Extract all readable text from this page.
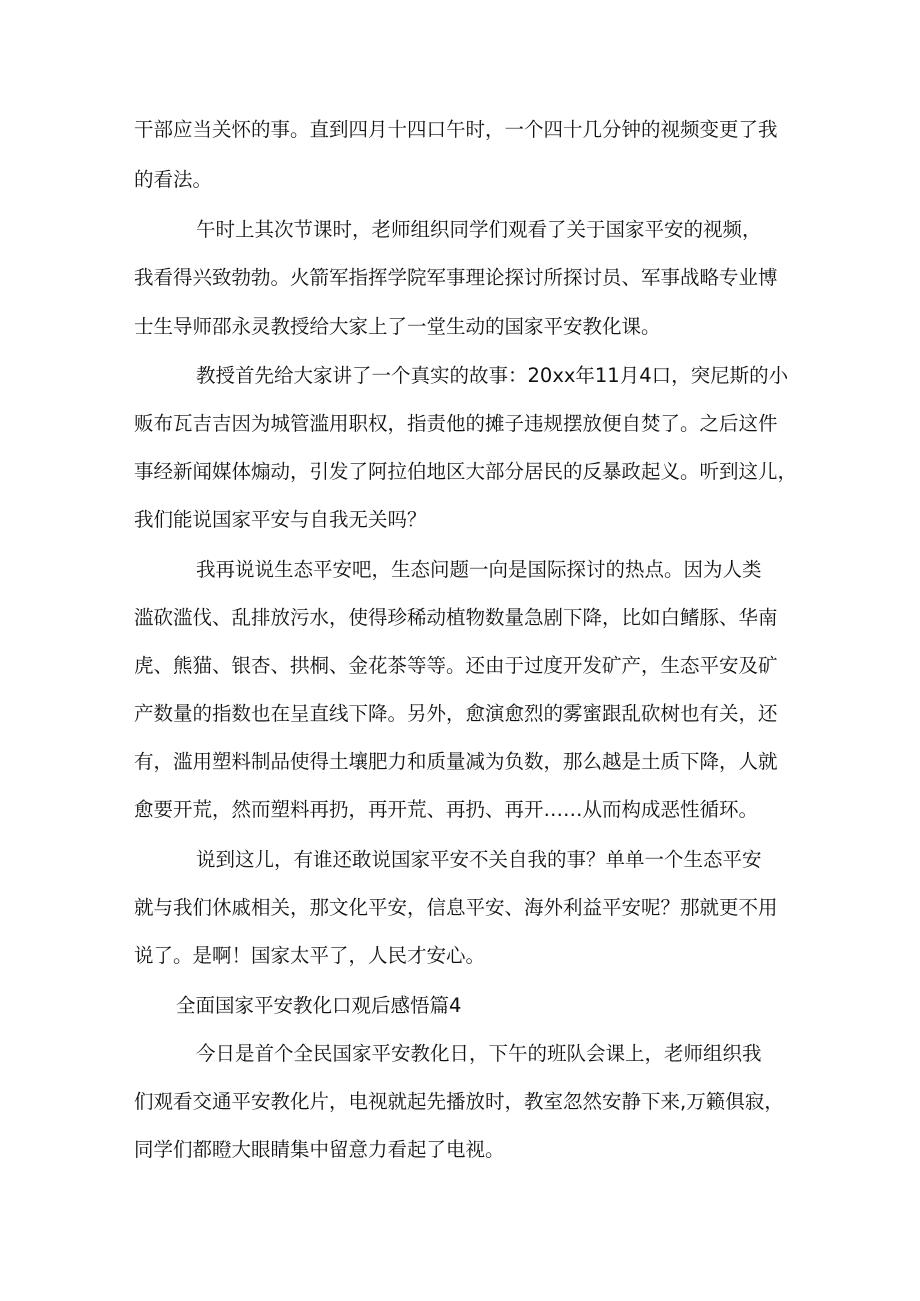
干部应当关怀的事。直到四月十四口午时，一个四十几分钟的视频变更了我
的看法。
午时上其次节课时，老师组织同学们观看了关于国家平安的视频，
我看得兴致勃勃。火箭军指挥学院军事理论探讨所探讨员、军事战略专业博
士生导师邵永灵教授给大家上了一堂生动的国家平安教化课。
教授首先给大家讲了一个真实的故事：20xx年11月4口，突尼斯的小
贩布瓦吉吉因为城管滥用职权，指责他的摊子违规摆放便自焚了。之后这件
事经新闻媒体煽动，引发了阿拉伯地区大部分居民的反暴政起义。听到这儿，
我们能说国家平安与自我无关吗？
我再说说生态平安吧，生态问题一向是国际探讨的热点。因为人类
滥砍滥伐、乱排放污水，使得珍稀动植物数量急剧下降，比如白鳍豚、华南
虎、熊猫、银杏、拱桐、金花茶等等。还由于过度开发矿产，生态平安及矿
产数量的指数也在呈直线下降。另外，愈演愈烈的雾蜜跟乱砍树也有关，还
有，滥用塑料制品使得土壤肥力和质量减为负数，那么越是土质下降，人就
愈要开荒，然而塑料再扔，再开荒、再扔、再开……从而构成恶性循环。
说到这儿，有谁还敢说国家平安不关自我的事？单单一个生态平安
就与我们休戚相关，那文化平安，信息平安、海外利益平安呢？那就更不用
说了。是啊！国家太平了，人民才安心。
全面国家平安教化口观后感悟篇4
今日是首个全民国家平安教化日，下午的班队会课上，老师组织我
们观看交通平安教化片，电视就起先播放时，教室忽然安静下来,万籁俱寂，
同学们都瞪大眼睛集中留意力看起了电视。
